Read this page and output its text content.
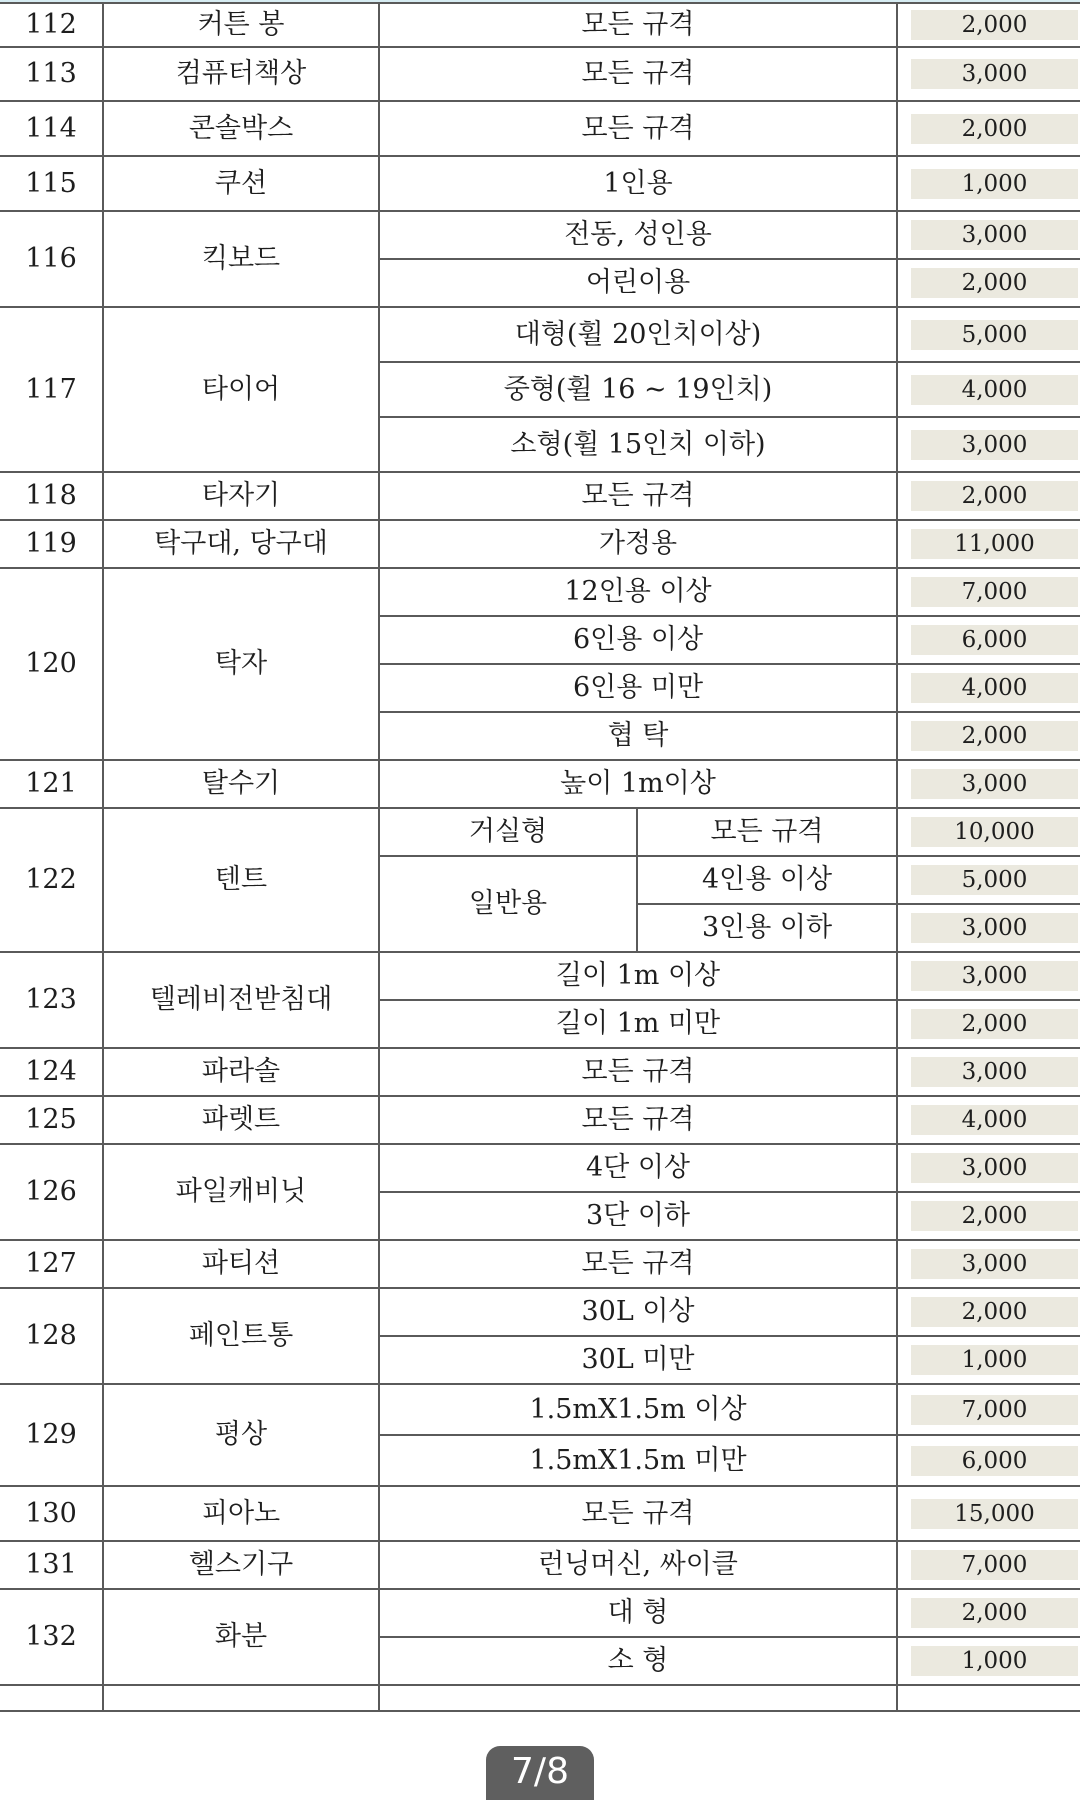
112	커튼 봉	모든 규격		2,000

113	컴퓨터책상	모든 규격		3,000

114	콘솔박스	모든 규격		2,000

115	쿠션	1인용		1,000

116	킥보드	전동, 성인용		3,000

		어린이용		2,000

117	타이어	대형(휠 20인치이상)		5,000

		중형(휠 16 ~ 19인치)		4,000

		소형(휠 15인치 이하)		3,000

118	타자기	모든 규격		2,000

119	탁구대, 당구대	가정용		11,000

120	탁자	12인용 이상		7,000

		6인용 이상		6,000

		6인용 미만		4,000

		협 탁		2,000

121	탈수기	높이 1m이상		3,000

122	텐트	거실형	모든 규격	10,000

		일반용	4인용 이상	5,000

			3인용 이하	3,000

123	텔레비전받침대	길이 1m 이상		3,000

		길이 1m 미만		2,000

124	파라솔	모든 규격		3,000

125	파렛트	모든 규격		4,000

126	파일캐비닛	4단 이상		3,000

		3단 이하		2,000

127	파티션	모든 규격		3,000

128	페인트통	30L 이상		2,000

		30L 미만		1,000

129	평상	1.5mX1.5m 이상		7,000

		1.5mX1.5m 미만		6,000

130	피아노	모든 규격		15,000

131	헬스기구	런닝머신, 싸이클		7,000

132	화분	대 형		2,000

		소 형		1,000

7/8
